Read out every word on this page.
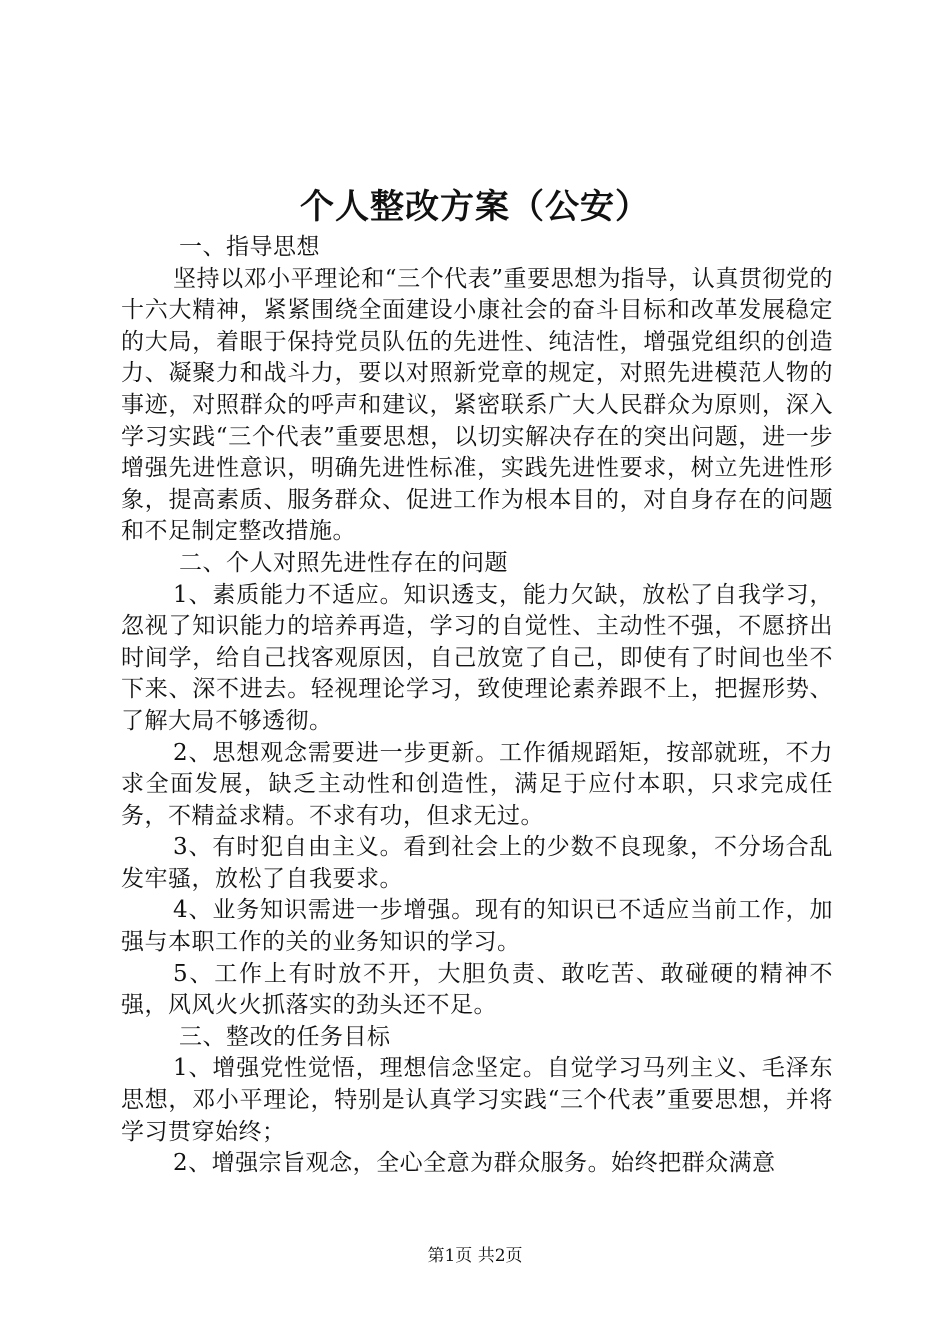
个人整改方案（公安）

一、指导思想

坚持以邓小平理论和“三个代表”重要思想为指导，认真贯彻党的十六大精神，紧紧围绕全面建设小康社会的奋斗目标和改革发展稳定的大局，着眼于保持党员队伍的先进性、纯洁性，增强党组织的创造力、凝聚力和战斗力，要以对照新党章的规定，对照先进模范人物的事迹，对照群众的呼声和建议，紧密联系广大人民群众为原则，深入学习实践“三个代表”重要思想，以切实解决存在的突出问题，进一步增强先进性意识，明确先进性标准，实践先进性要求，树立先进性形象，提高素质、服务群众、促进工作为根本目的，对自身存在的问题和不足制定整改措施。

二、个人对照先进性存在的问题

1、素质能力不适应。知识透支，能力欠缺，放松了自我学习，忽视了知识能力的培养再造，学习的自觉性、主动性不强，不愿挤出时间学，给自己找客观原因，自己放宽了自己，即使有了时间也坐不下来、深不进去。轻视理论学习，致使理论素养跟不上，把握形势、了解大局不够透彻。

2、思想观念需要进一步更新。工作循规蹈矩，按部就班，不力求全面发展，缺乏主动性和创造性，满足于应付本职，只求完成任务，不精益求精。不求有功，但求无过。

3、有时犯自由主义。看到社会上的少数不良现象，不分场合乱发牢骚，放松了自我要求。

4、业务知识需进一步增强。现有的知识已不适应当前工作，加强与本职工作的关的业务知识的学习。

5、工作上有时放不开，大胆负责、敢吃苦、敢碰硬的精神不强，风风火火抓落实的劲头还不足。

三、整改的任务目标

1、增强党性觉悟，理想信念坚定。自觉学习马列主义、毛泽东思想，邓小平理论，特别是认真学习实践“三个代表”重要思想，并将学习贯穿始终；

2、增强宗旨观念，全心全意为群众服务。始终把群众满意

第1页 共2页
